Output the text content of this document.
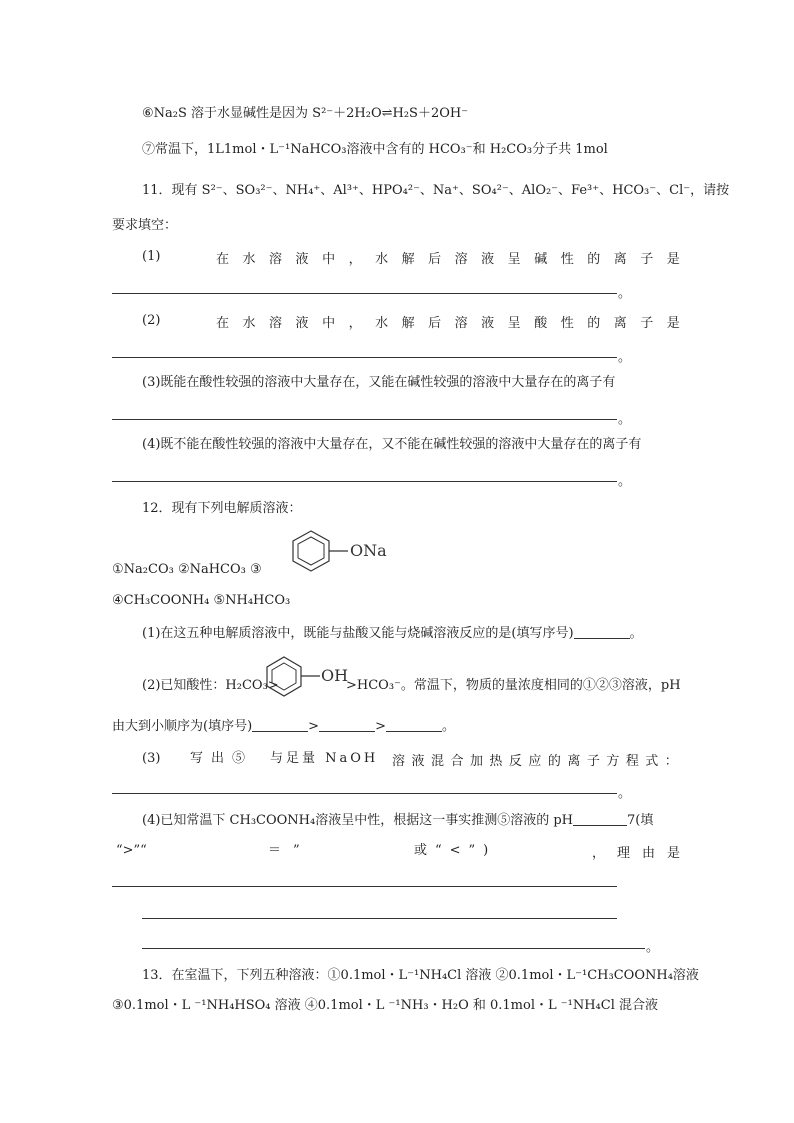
⑥Na₂S 溶于水显碱性是因为 S²⁻＋2H₂O⇌H₂S＋2OH⁻
⑦常温下，1L1mol・L⁻¹NaHCO₃溶液中含有的 HCO₃⁻和 H₂CO₃分子共 1mol
11．现有 S²⁻、SO₃²⁻、NH₄⁺、Al³⁺、HPO₄²⁻、Na⁺、SO₄²⁻、AlO₂⁻、Fe³⁺、HCO₃⁻、Cl⁻，请按
要求填空：
(1)	在 水 溶 液 中 ， 水 解 后 溶 液 呈 碱 性 的 离 子 是
。
(2)	在 水 溶 液 中 ， 水 解 后 溶 液 呈 酸 性 的 离 子 是
。
(3)既能在酸性较强的溶液中大量存在，又能在碱性较强的溶液中大量存在的离子有
。
(4)既不能在酸性较强的溶液中大量存在，又不能在碱性较强的溶液中大量存在的离子有
。
12．现有下列电解质溶液：
①Na₂CO₃ ②NaHCO₃ ③
ONa
④CH₃COONH₄ ⑤NH₄HCO₃
(1)在这五种电解质溶液中，既能与盐酸又能与烧碱溶液反应的是(填写序号)	。
(2)已知酸性：H₂CO₃>
OH
>HCO₃⁻。常温下，物质的量浓度相同的①②③溶液，pH
由大到小顺序为(填序号)	>	>	。
(3) 写出⑤ 与足量 NaOH 溶 液 混 合 加 热 反 应 的 离 子 方 程 式 ：
。
(4)已知常温下 CH₃COONH₄溶液呈中性，根据这一事实推测⑤溶液的 pH	7(填
“>”“	＝”	或“<”)	， 理 由 是
。
13．在室温下，下列五种溶液：①0.1mol・L⁻¹NH₄Cl 溶液 ②0.1mol・L⁻¹CH₃COONH₄溶液
③0.1mol・L ⁻¹NH₄HSO₄ 溶液 ④0.1mol・L ⁻¹NH₃・H₂O 和 0.1mol・L ⁻¹NH₄Cl 混合液
